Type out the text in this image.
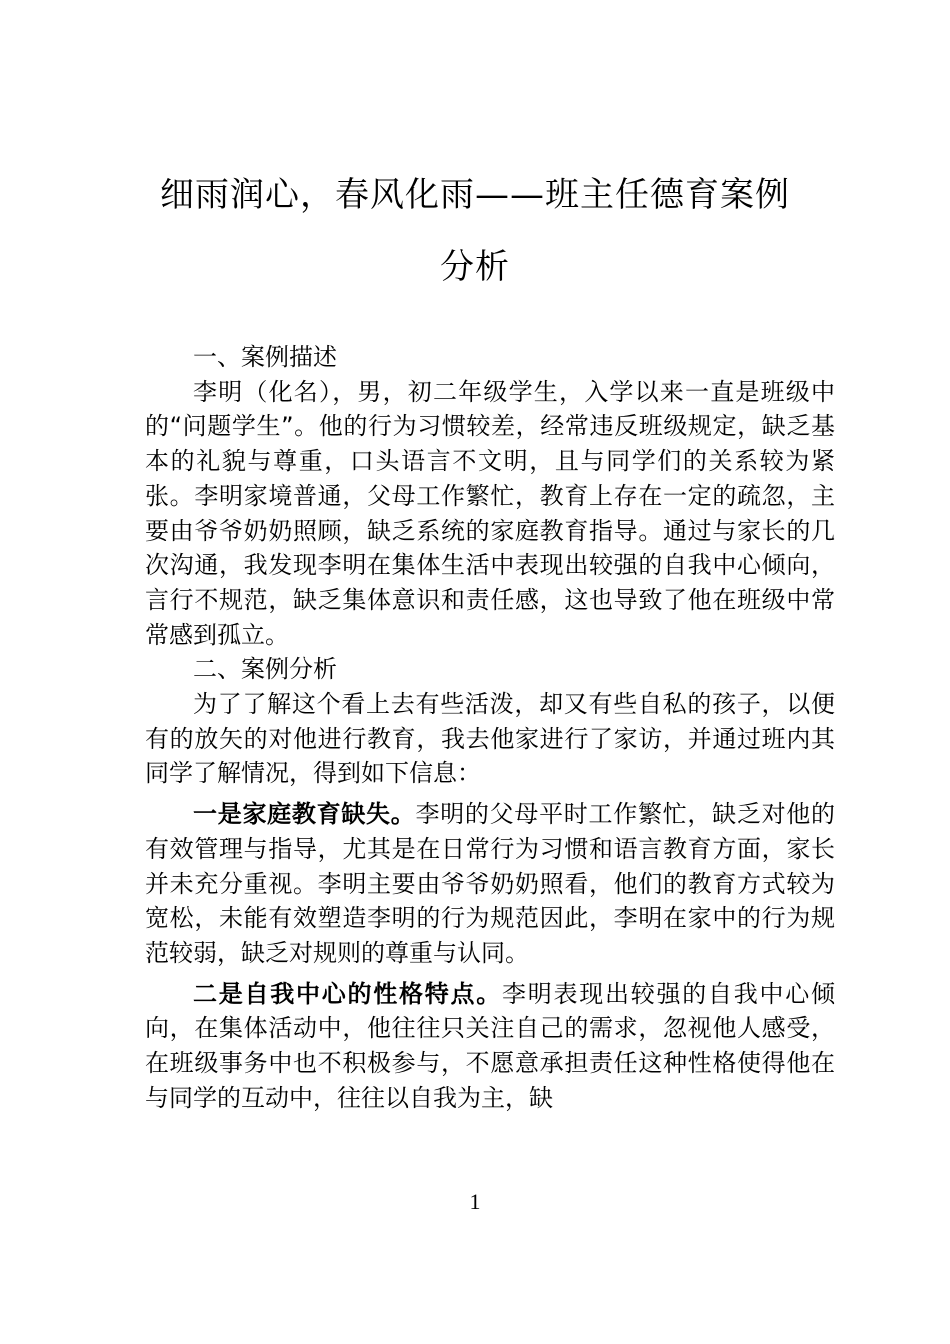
细雨润心，春风化雨——班主任德育案例
分析

一、案例描述

李明（化名），男，初二年级学生，入学以来一直是班级中的“问题学生”。他的行为习惯较差，经常违反班级规定，缺乏基本的礼貌与尊重，口头语言不文明，且与同学们的关系较为紧张。李明家境普通，父母工作繁忙，教育上存在一定的疏忽，主要由爷爷奶奶照顾，缺乏系统的家庭教育指导。通过与家长的几次沟通，我发现李明在集体生活中表现出较强的自我中心倾向，言行不规范，缺乏集体意识和责任感，这也导致了他在班级中常常感到孤立。

二、案例分析

为了了解这个看上去有些活泼，却又有些自私的孩子，以便有的放矢的对他进行教育，我去他家进行了家访，并通过班内其同学了解情况，得到如下信息：

一是家庭教育缺失。李明的父母平时工作繁忙，缺乏对他的有效管理与指导，尤其是在日常行为习惯和语言教育方面，家长并未充分重视。李明主要由爷爷奶奶照看，他们的教育方式较为宽松，未能有效塑造李明的行为规范因此，李明在家中的行为规范较弱，缺乏对规则的尊重与认同。

二是自我中心的性格特点。李明表现出较强的自我中心倾向，在集体活动中，他往往只关注自己的需求，忽视他人感受，在班级事务中也不积极参与，不愿意承担责任这种性格使得他在与同学的互动中，往往以自我为主，缺

1
